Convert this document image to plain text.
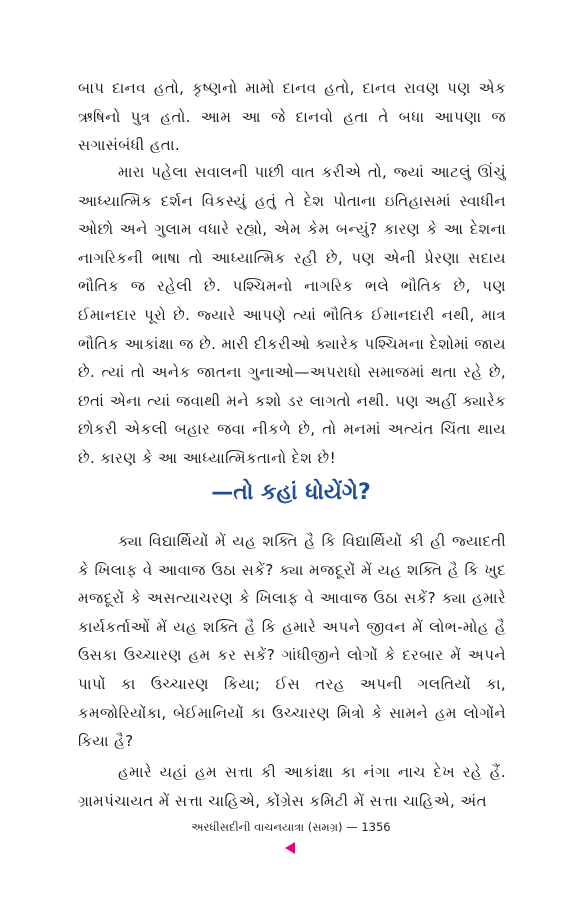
બાપ દાનવ હતો, કૃષ્ણનો મામો દાનવ હતો, દાનવ રાવણ પણ એક ઋષિનો પુત્ર હતો. આમ આ જે દાનવો હતા તે બધા આપણા જ સગાસંબંધી હતા.

મારા પહેલા સવાલની પાછી વાત કરીએ તો, જ્યાં આટલું ઊંચું આધ્યાત્મિક દર્શન વિકસ્યું હતું તે દેશ પોતાના ઇતિહાસમાં સ્વાધીન ઓછો અને ગુલામ વધારે રહ્યો, એમ કેમ બન્યું? કારણ કે આ દેશના નાગરિકની ભાષા તો આધ્યાત્મિક રહી છે, પણ એની પ્રેરણા સદાય ભૌતિક જ રહેલી છે. પશ્ચિમનો નાગરિક ભલે ભૌતિક છે, પણ ઈમાનદાર પૂરો છે. જ્યારે આપણે ત્યાં ભૌતિક ઈમાનદારી નથી, માત્ર ભૌતિક આકાંક્ષા જ છે. મારી દીકરીઓ ક્યારેક પશ્ચિમના દેશોમાં જાય છે. ત્યાં તો અનેક જાતના ગુનાઓ—અપરાધો સમાજમાં થતા રહે છે, છતાં એના ત્યાં જવાથી મને કશો ડર લાગતો નથી. પણ અહીં ક્યારેક છોકરી એકલી બહાર જવા નીકળે છે, તો મનમાં અત્યંત ચિંતા થાય છે. કારણ કે આ આધ્યાત્મિકતાનો દેશ છે!

—તો કહાં ધોયેંગે?

ક્યા વિદ્યાર્થિયોં મેં યહ શક્તિ હૈ કિ વિદ્યાર્થિયોં કી હી જ્યાદતી કે ખિલાફ વે આવાજ ઉઠા સકેં? ક્યા મજદૂરોં મેં યહ શક્તિ હૈ કિ ખુદ મજદૂરોં કે અસત્યાચરણ કે ખિલાફ વે આવાજ ઉઠા સકેં? ક્યા હમારે કાર્યકર્તાઓં મેં યહ શક્તિ હૈ કિ હમારે અપને જીવન મેં લોભ-મોહ હૈ ઉસકા ઉચ્ચારણ હમ કર સકેં? ગાંધીજીને લોગોં કે દરબાર મેં અપને પાપોં કા ઉચ્ચારણ કિયા; ઈસ તરહ અપની ગલતિયોં કા, કમજોરિયોંકા, બેઈમાનિયોં કા ઉચ્ચારણ મિત્રો કે સામને હમ લોગોંને કિયા હૈ?

હમારે યહાં હમ સત્તા કી આકાંક્ષા કા નંગા નાચ દેખ રહે હૈં. ગ્રામપંચાયત મેં સત્તા ચાહિએ, કોંગ્રેસ કમિટી મેં સત્તા ચાહિએ, અંત

અરધીસદીની વાચનયાત્રા (સમગ્ર) — 1356
